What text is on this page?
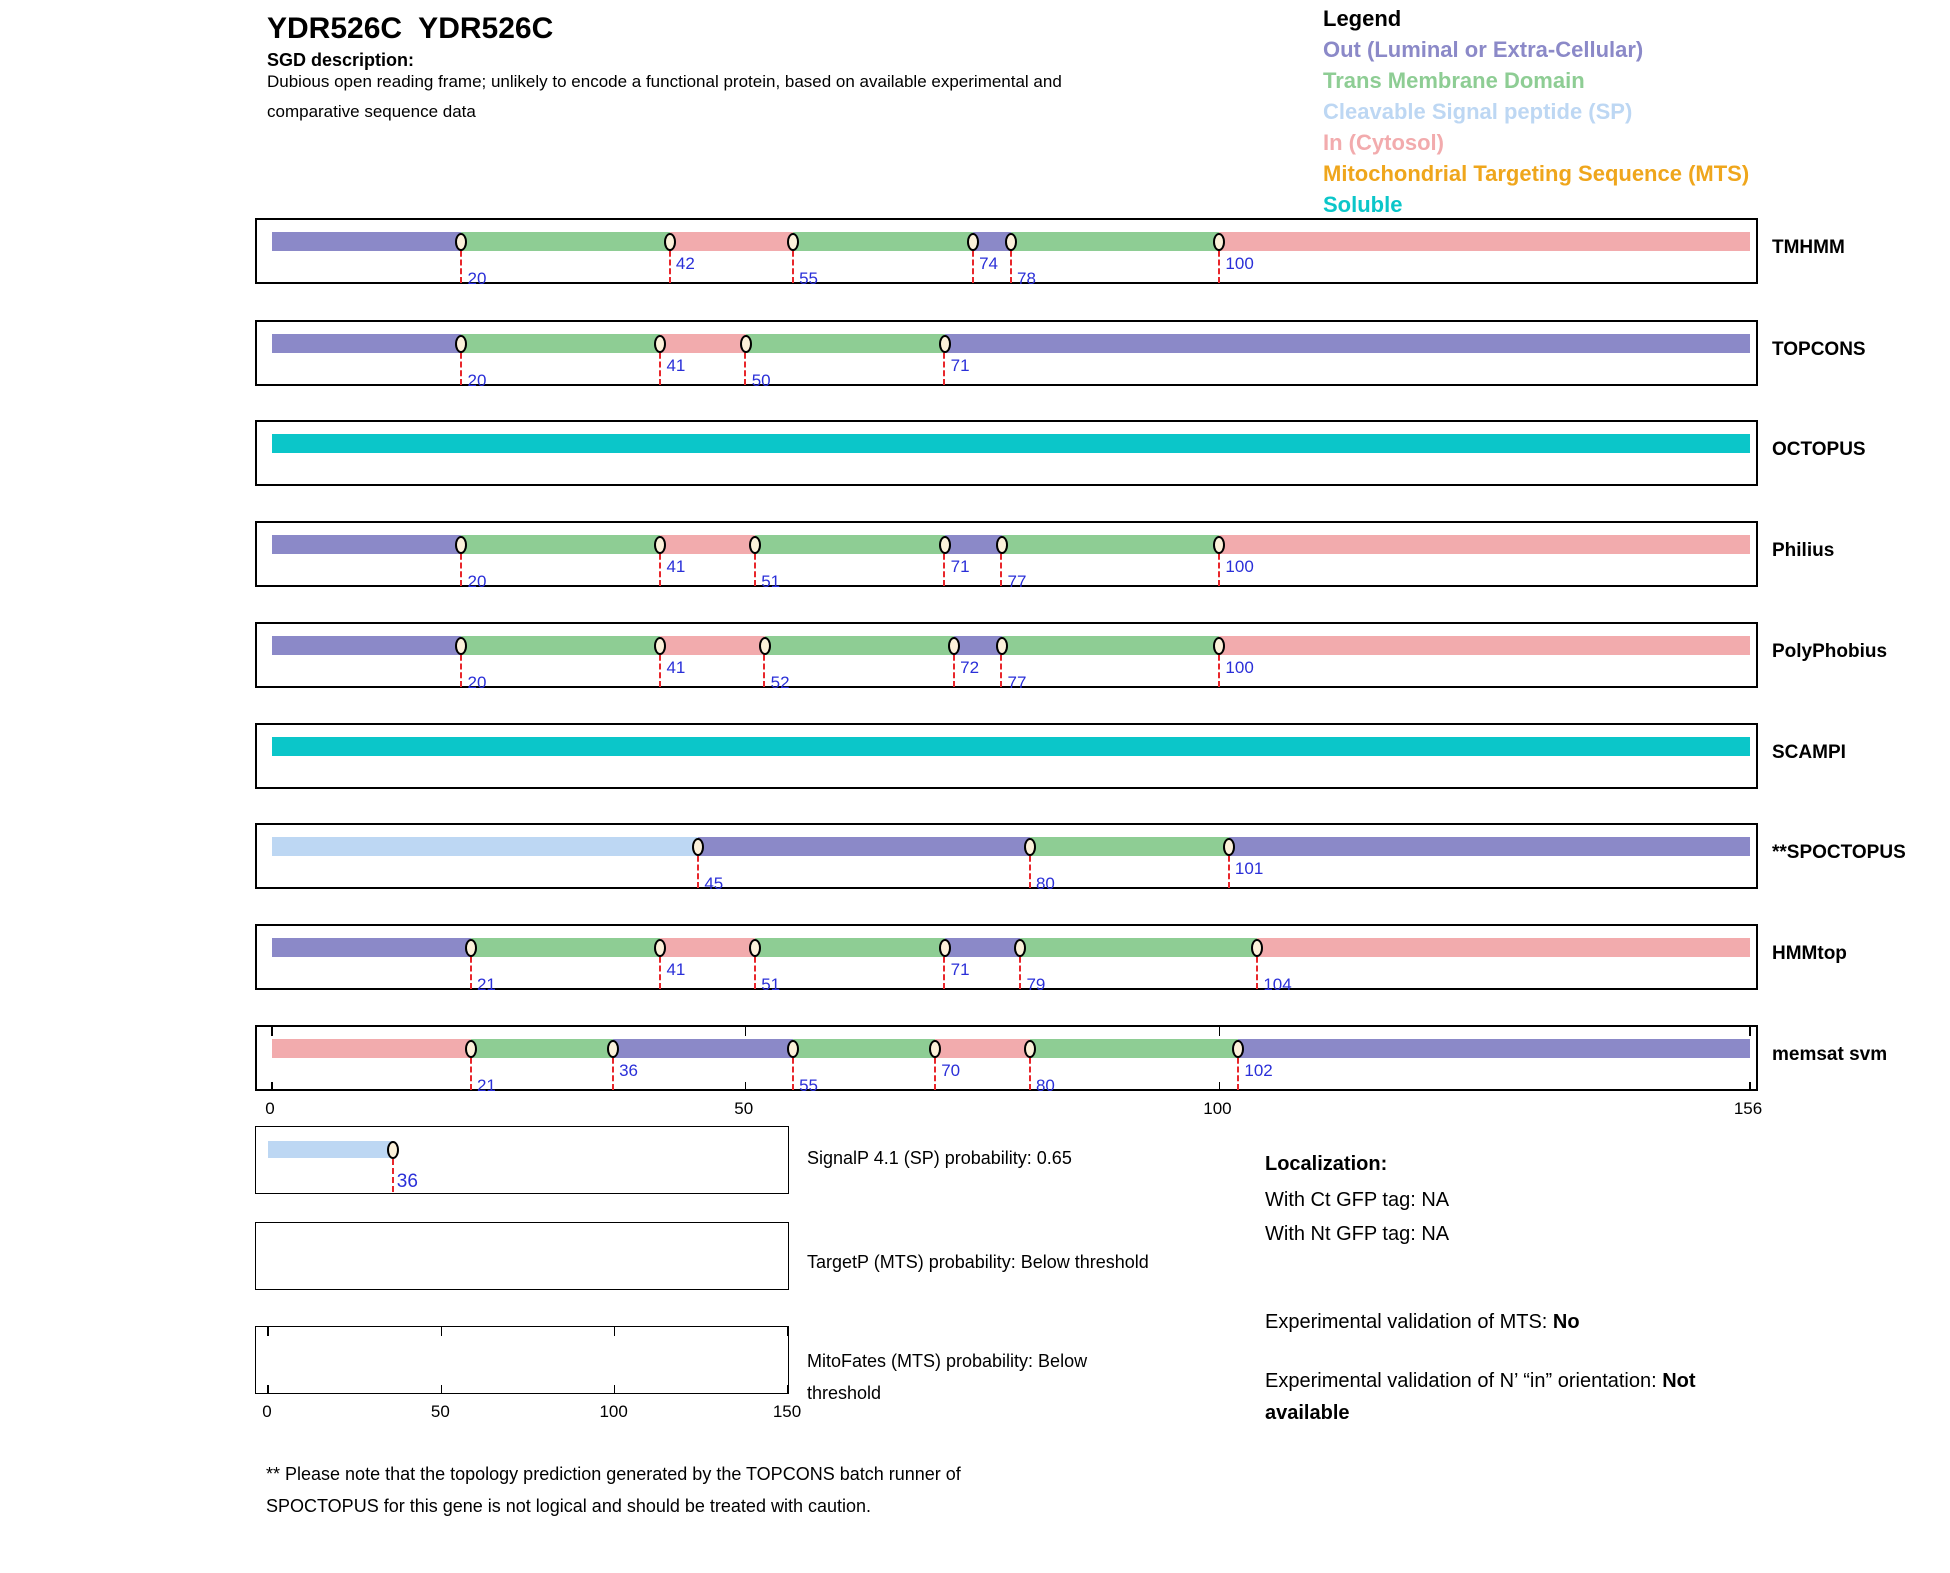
YDR526C  YDR526C
SGD description:
Dubious open reading frame; unlikely to encode a functional protein, based on available experimental and
comparative sequence data
Legend
Out (Luminal or Extra-Cellular)
Trans Membrane Domain
Cleavable Signal peptide (SP)
In (Cytosol)
Mitochondrial Targeting Sequence (MTS)
Soluble
20
42
55
74
78
100
TMHMM
20
41
50
71
TOPCONS
OCTOPUS
20
41
51
71
77
100
Philius
20
41
52
72
77
100
PolyPhobius
SCAMPI
45	80
101
**SPOCTOPUS
21
41
51
71
79	104
HMMtop
21
36
55
70
80
102
memsat svm
0	50	100	156
36
0	50	100	150
SignalP 4.1 (SP) probability: 0.65
TargetP (MTS) probability: Below threshold
MitoFates (MTS) probability: Below threshold
Localization:
With Ct GFP tag: NA
With Nt GFP tag: NA
Experimental validation of MTS: No
Experimental validation of N’ “in” orientation: Not available
** Please note that the topology prediction generated by the TOPCONS batch runner of
SPOCTOPUS for this gene is not logical and should be treated with caution.
